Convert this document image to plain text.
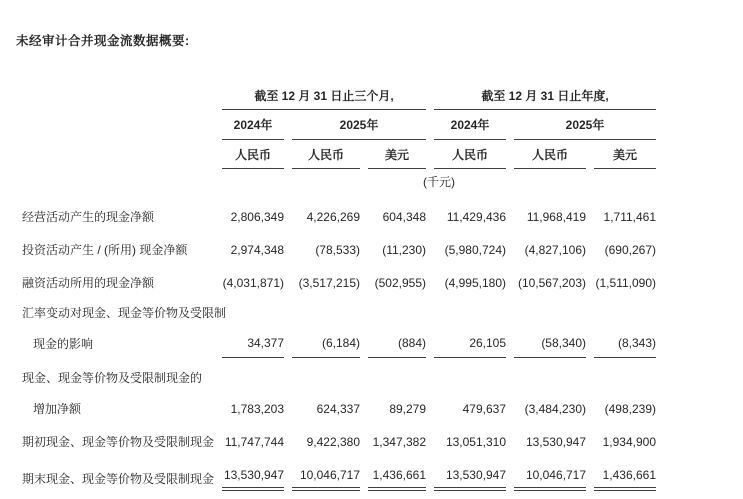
未经审计合并现金流数据概要:
	截至 12 月 31 日止三个月,			截至 12 月 31 日止年度,		
	2024年	2025年		2024年	2025年	
	人民币	人民币	美元	人民币	人民币	美元
	(千元)					
经营活动产生的现金净额	2,806,349	4,226,269	604,348	11,429,436	11,968,419	1,711,461
投资活动产生 / (所用) 现金净额	2,974,348	(78,533)	(11,230)	(5,980,724)	(4,827,106)	(690,267)
融资活动所用的现金净额	(4,031,871)	(3,517,215)	(502,955)	(4,995,180)	(10,567,203)	(1,511,090)
汇率变动对现金、现金等价物及受限制						
现金的影响	34,377	(6,184)	(884)	26,105	(58,340)	(8,343)
现金、现金等价物及受限制现金的						
增加净额	1,783,203	624,337	89,279	479,637	(3,484,230)	(498,239)
期初现金、现金等价物及受限制现金	11,747,744	9,422,380	1,347,382	13,051,310	13,530,947	1,934,900
期末现金、现金等价物及受限制现金	13,530,947	10,046,717	1,436,661	13,530,947	10,046,717	1,436,661
